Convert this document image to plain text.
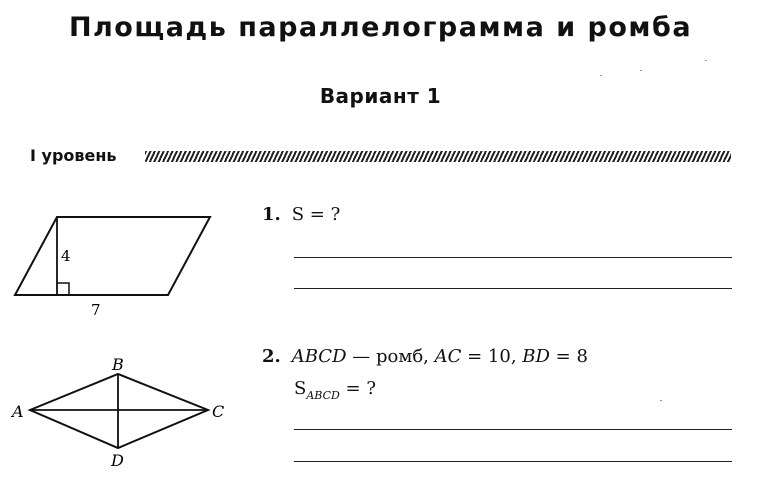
Площадь параллелограмма и ромба
Вариант 1
I уровень
4
7
1. S = ?
A
B
C
D
2. ABCD — ромб, AC = 10, BD = 8
$S_{ABCD}$ = ?
